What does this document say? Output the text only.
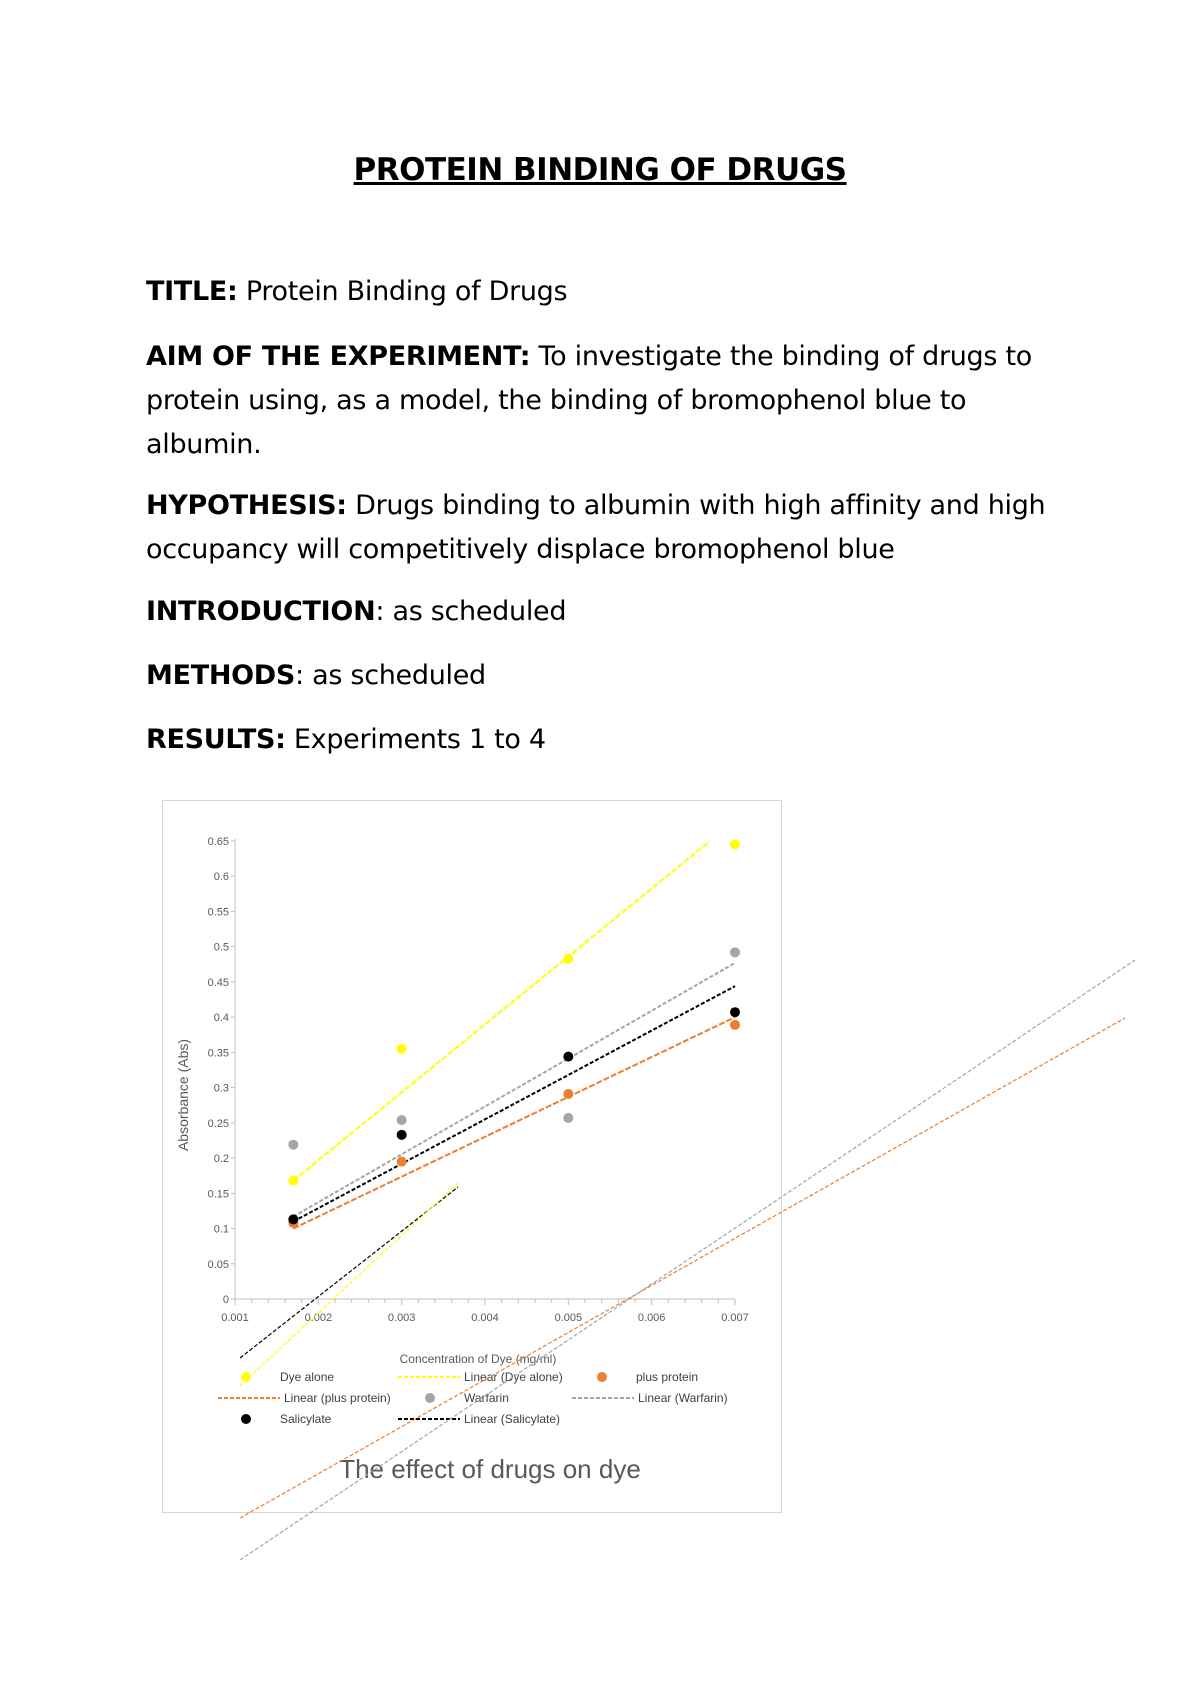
PROTEIN BINDING OF DRUGS

TITLE: Protein Binding of Drugs

AIM OF THE EXPERIMENT: To investigate the binding of drugs to protein using, as a model, the binding of bromophenol blue to albumin.

HYPOTHESIS: Drugs binding to albumin with high affinity and high occupancy will competitively displace bromophenol blue

INTRODUCTION: as scheduled

METHODS: as scheduled

RESULTS: Experiments 1 to 4

0
0.05
0.1
0.15
0.2
0.25
0.3
0.35
0.4
0.45
0.5
0.55
0.6
0.65
0.001	0.002	0.003	0.004	0.005	0.006	0.007
Absorbance (Abs)
Concentration of Dye (mg/ml)
Dye alone	Linear (Dye alone)	plus protein
Linear (plus protein)	Warfarin	Linear (Warfarin)
Salicylate	Linear (Salicylate)
The effect of drugs on dye
